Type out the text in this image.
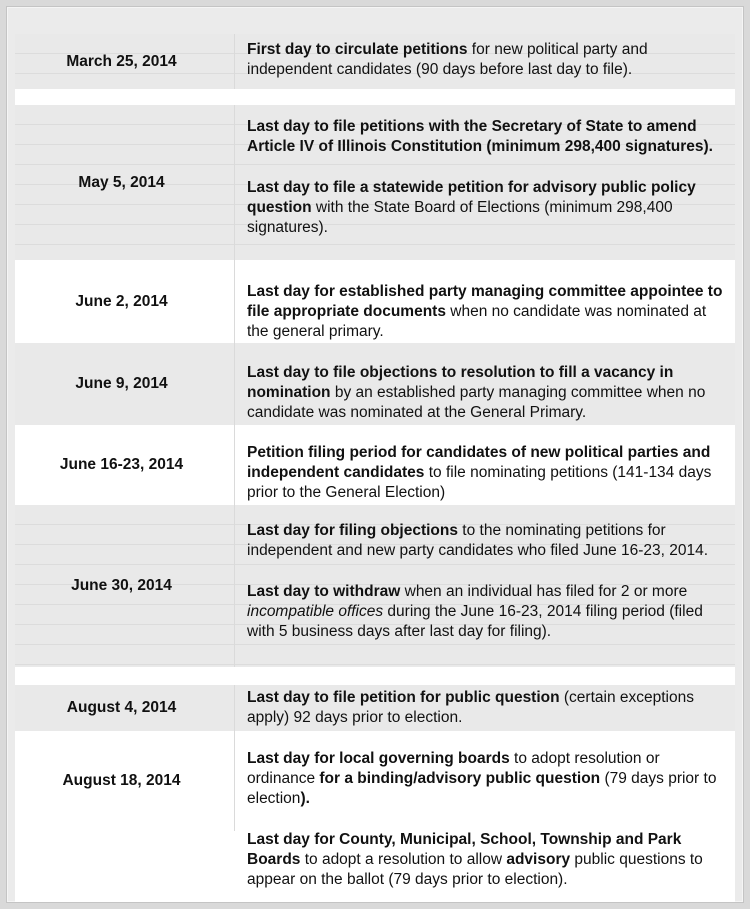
March 25, 2014

First day to circulate petitions for new political party and independent candidates (90 days before last day to file).

May 5, 2014

Last day to file petitions with the Secretary of State to amend Article IV of Illinois Constitution (minimum 298,400 signatures).

Last day to file a statewide petition for advisory public policy question with the State Board of Elections (minimum 298,400 signatures).

June 2, 2014

Last day for established party managing committee appointee to file appropriate documents when no candidate was nominated at the general primary.

June 9, 2014

Last day to file objections to resolution to fill a vacancy in nomination by an established party managing committee when no candidate was nominated at the General Primary.

June 16-23, 2014

Petition filing period for candidates of new political parties and independent candidates to file nominating petitions (141-134 days prior to the General Election)

June 30, 2014

Last day for filing objections to the nominating petitions for independent and new party candidates who filed June 16-23, 2014.

Last day to withdraw when an individual has filed for 2 or more incompatible offices during the June 16-23, 2014 filing period (filed with 5 business days after last day for filing).

August 4, 2014

Last day to file petition for public question (certain exceptions apply) 92 days prior to election.

August 18, 2014

Last day for local governing boards to adopt resolution or ordinance for a binding/advisory public question (79 days prior to election).

Last day for County, Municipal, School, Township and Park Boards to adopt a resolution to allow advisory public questions to appear on the ballot (79 days prior to election).
